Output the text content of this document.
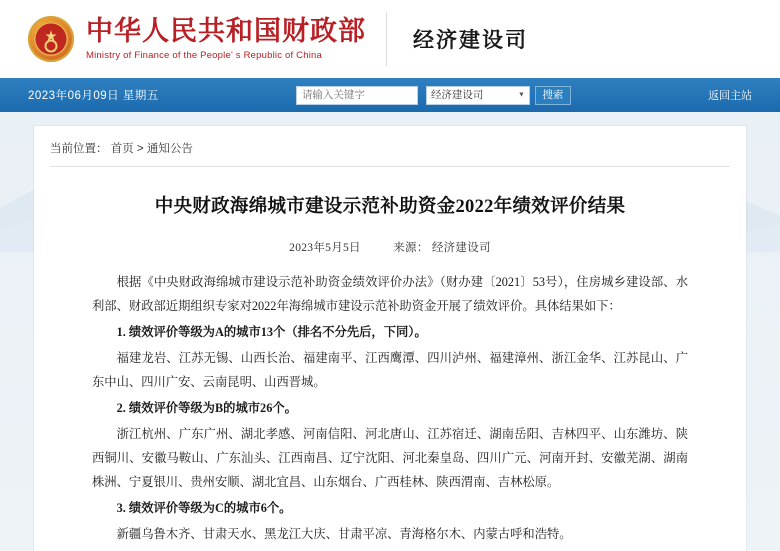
★ 中华人民共和国财政部
Ministry of Finance of the People' s Republic of China
经济建设司
2023年06月09日 星期五
请输入关键字
经济建设司	▼	搜索	返回主站
当前位置： 首页 > 通知公告
中央财政海绵城市建设示范补助资金2022年绩效评价结果
2023年5月5日	来源： 经济建设司

根据《中央财政海绵城市建设示范补助资金绩效评价办法》（财办建〔2021〕53号），住房城乡建设部、水利部、财政部近期组织专家对2022年海绵城市建设示范补助资金开展了绩效评价。具体结果如下：

1. 绩效评价等级为A的城市13个（排名不分先后，下同）。

福建龙岩、江苏无锡、山西长治、福建南平、江西鹰潭、四川泸州、福建漳州、浙江金华、江苏昆山、广东中山、四川广安、云南昆明、山西晋城。

2. 绩效评价等级为B的城市26个。

浙江杭州、广东广州、湖北孝感、河南信阳、河北唐山、江苏宿迁、湖南岳阳、吉林四平、山东潍坊、陕西铜川、安徽马鞍山、广东汕头、江西南昌、辽宁沈阳、河北秦皇岛、四川广元、河南开封、安徽芜湖、湖南株洲、宁夏银川、贵州安顺、湖北宜昌、山东烟台、广西桂林、陕西渭南、吉林松原。

3. 绩效评价等级为C的城市6个。

新疆乌鲁木齐、甘肃天水、黑龙江大庆、甘肃平凉、青海格尔木、内蒙古呼和浩特。
